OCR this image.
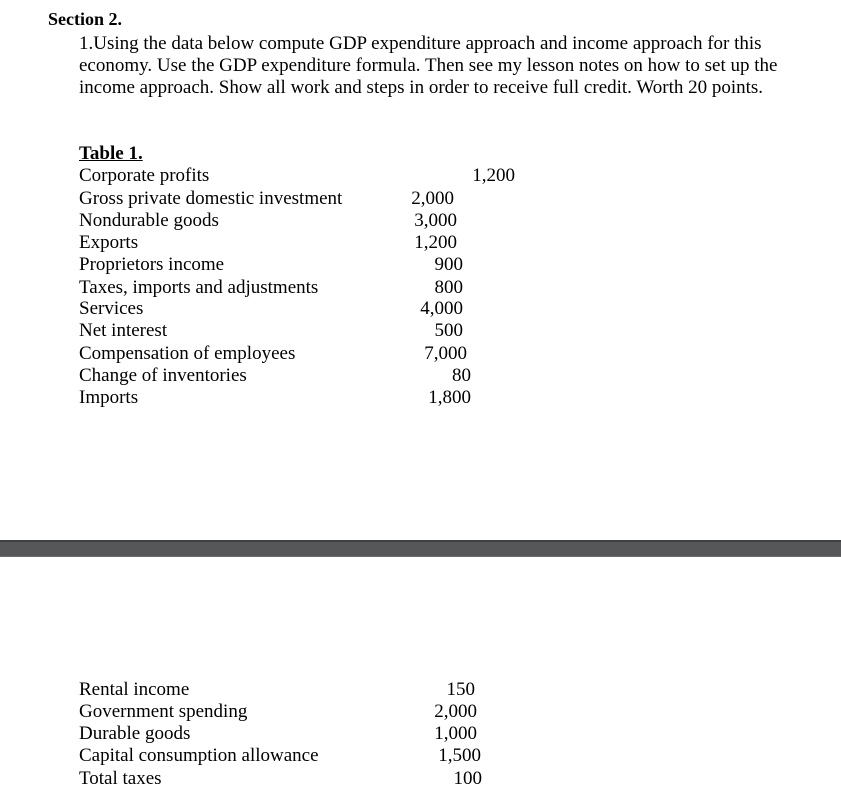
Section 2.

1.Using the data below compute GDP expenditure approach and income approach for this economy. Use the GDP expenditure formula. Then see my lesson notes on how to set up the income approach. Show all work and steps in order to receive full credit. Worth 20 points.

Table 1.
Corporate profits	1,200
Gross private domestic investment	2,000
Nondurable goods	3,000
Exports	1,200
Proprietors income	900
Taxes, imports and adjustments	800
Services	4,000
Net interest	500
Compensation of employees	7,000
Change of inventories	80
Imports	1,800
Rental income	150
Government spending	2,000
Durable goods	1,000
Capital consumption allowance	1,500
Total taxes	100
